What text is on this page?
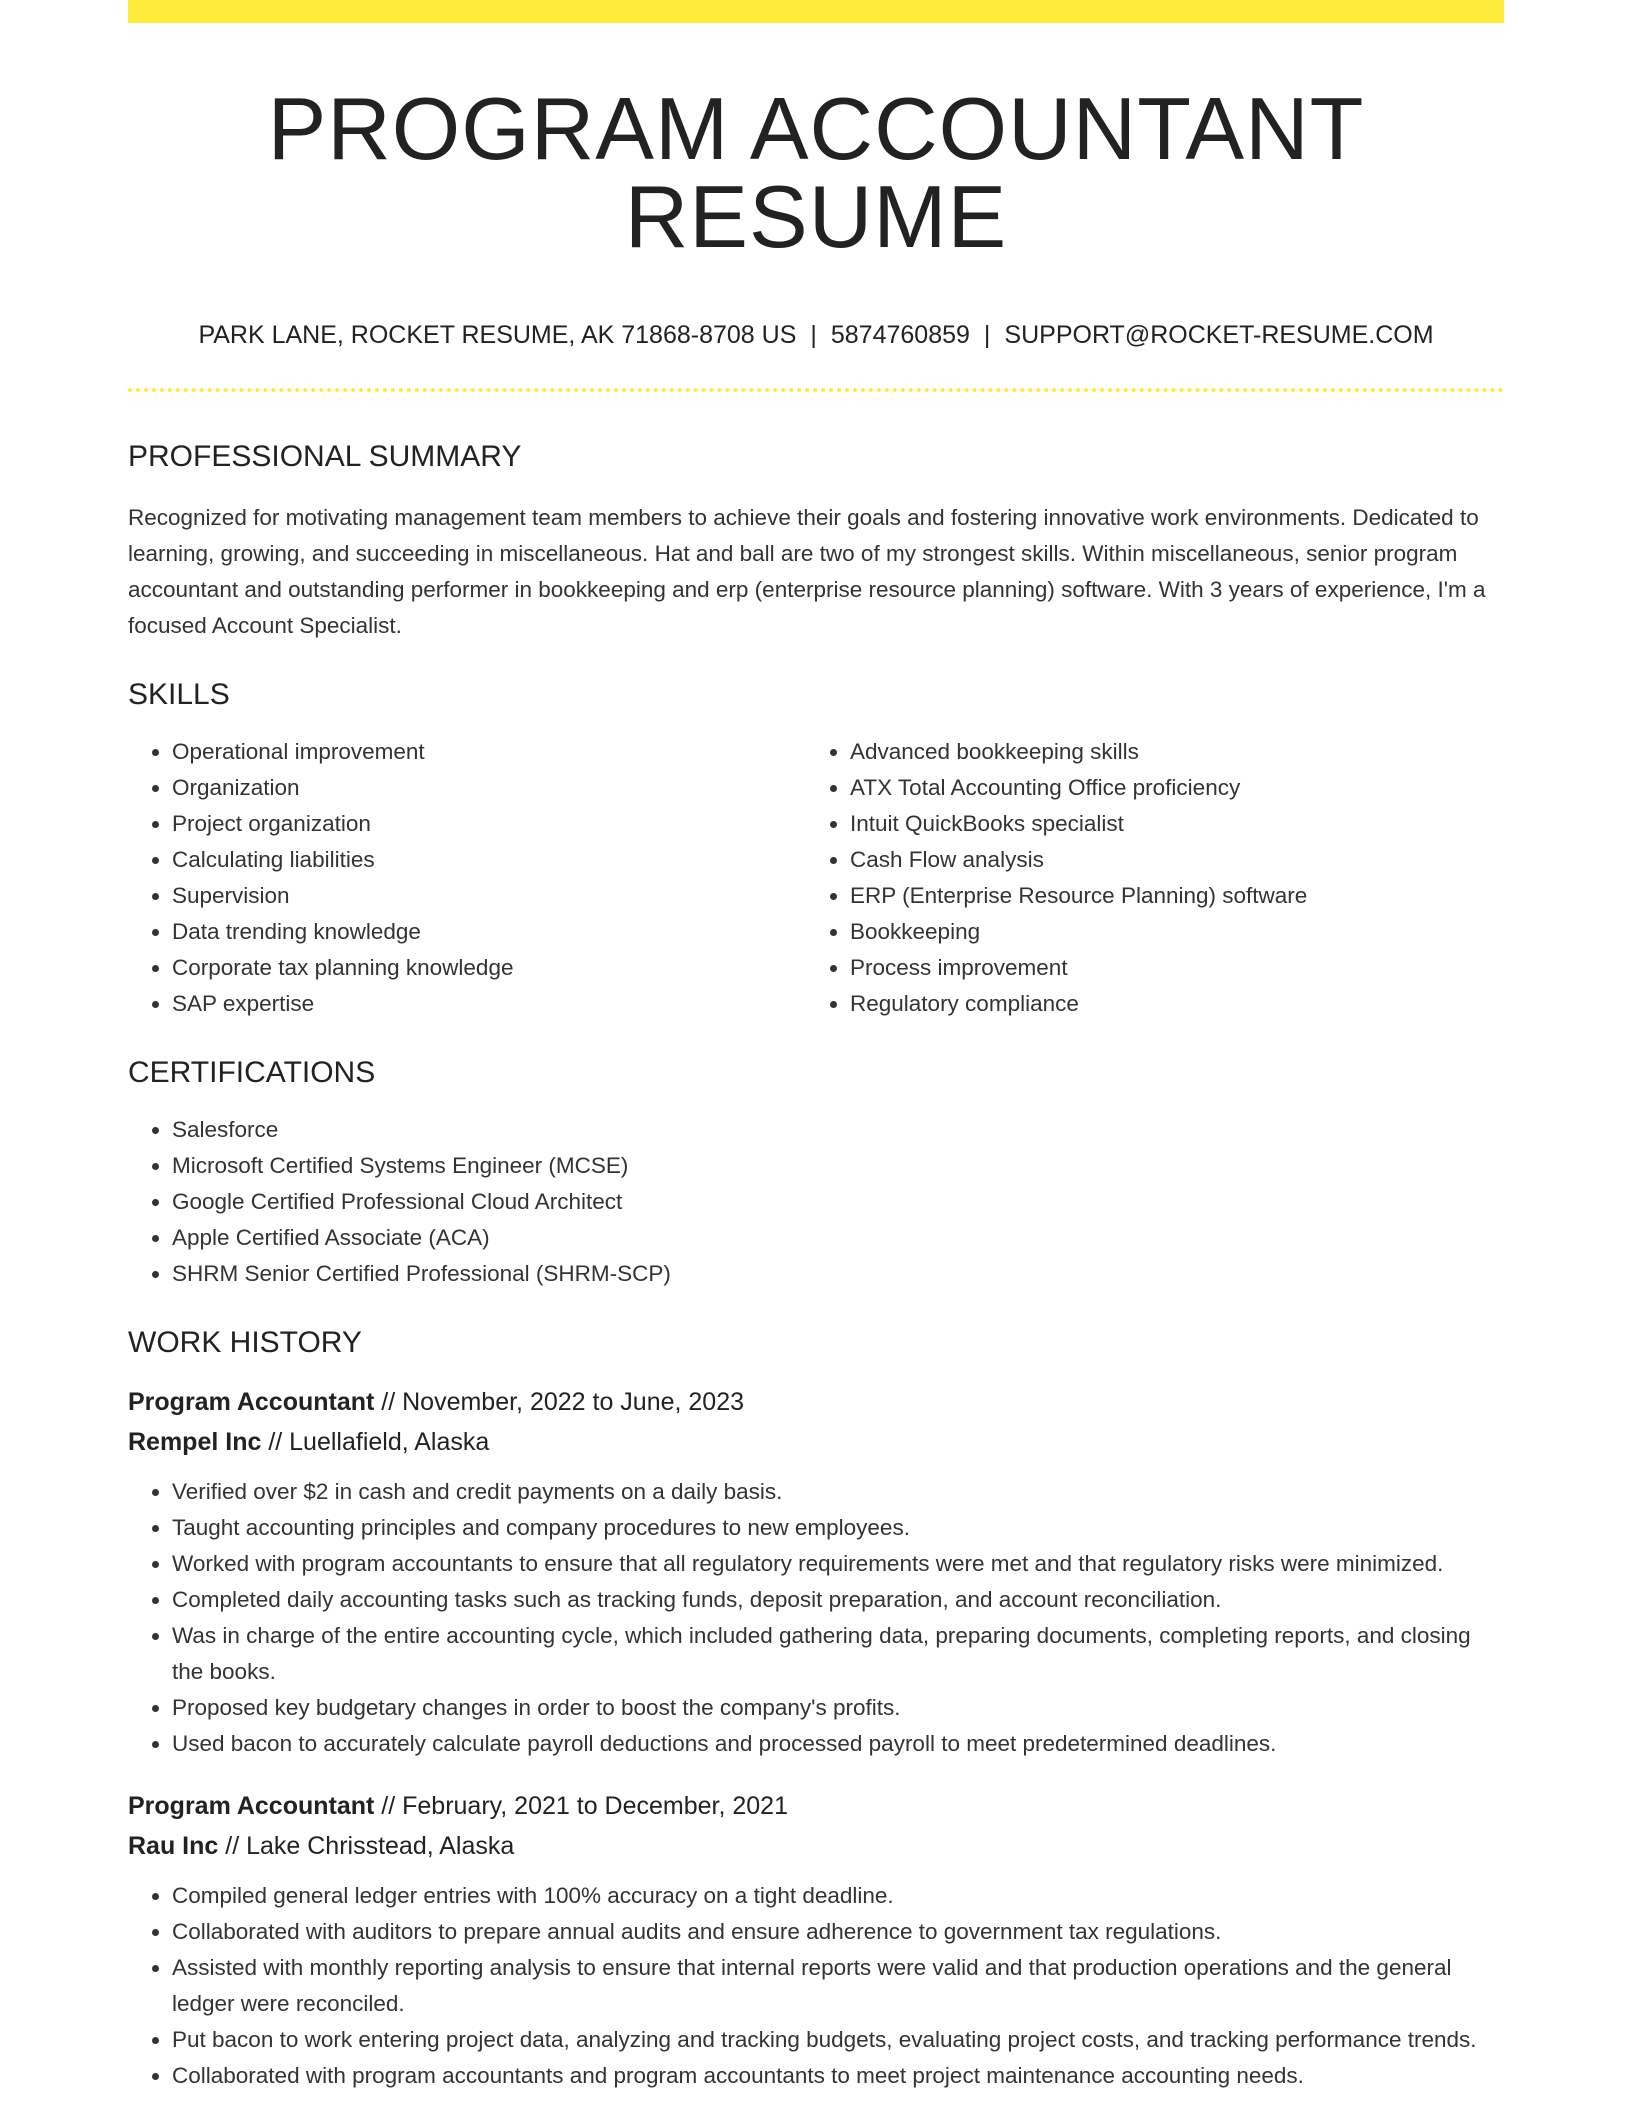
PROGRAM ACCOUNTANT RESUME
PARK LANE, ROCKET RESUME, AK 71868-8708 US | 5874760859 | SUPPORT@ROCKET-RESUME.COM
PROFESSIONAL SUMMARY
Recognized for motivating management team members to achieve their goals and fostering innovative work environments. Dedicated to learning, growing, and succeeding in miscellaneous. Hat and ball are two of my strongest skills. Within miscellaneous, senior program accountant and outstanding performer in bookkeeping and erp (enterprise resource planning) software. With 3 years of experience, I'm a focused Account Specialist.
SKILLS
• Operational improvement
• Organization
• Project organization
• Calculating liabilities
• Supervision
• Data trending knowledge
• Corporate tax planning knowledge
• SAP expertise
• Advanced bookkeeping skills
• ATX Total Accounting Office proficiency
• Intuit QuickBooks specialist
• Cash Flow analysis
• ERP (Enterprise Resource Planning) software
• Bookkeeping
• Process improvement
• Regulatory compliance
CERTIFICATIONS
• Salesforce
• Microsoft Certified Systems Engineer (MCSE)
• Google Certified Professional Cloud Architect
• Apple Certified Associate (ACA)
• SHRM Senior Certified Professional (SHRM-SCP)
WORK HISTORY
Program Accountant // November, 2022 to June, 2023
Rempel Inc // Luellafield, Alaska
• Verified over $2 in cash and credit payments on a daily basis.
• Taught accounting principles and company procedures to new employees.
• Worked with program accountants to ensure that all regulatory requirements were met and that regulatory risks were minimized.
• Completed daily accounting tasks such as tracking funds, deposit preparation, and account reconciliation.
• Was in charge of the entire accounting cycle, which included gathering data, preparing documents, completing reports, and closing the books.
• Proposed key budgetary changes in order to boost the company's profits.
• Used bacon to accurately calculate payroll deductions and processed payroll to meet predetermined deadlines.
Program Accountant // February, 2021 to December, 2021
Rau Inc // Lake Chrisstead, Alaska
• Compiled general ledger entries with 100% accuracy on a tight deadline.
• Collaborated with auditors to prepare annual audits and ensure adherence to government tax regulations.
• Assisted with monthly reporting analysis to ensure that internal reports were valid and that production operations and the general ledger were reconciled.
• Put bacon to work entering project data, analyzing and tracking budgets, evaluating project costs, and tracking performance trends.
• Collaborated with program accountants and program accountants to meet project maintenance accounting needs.
